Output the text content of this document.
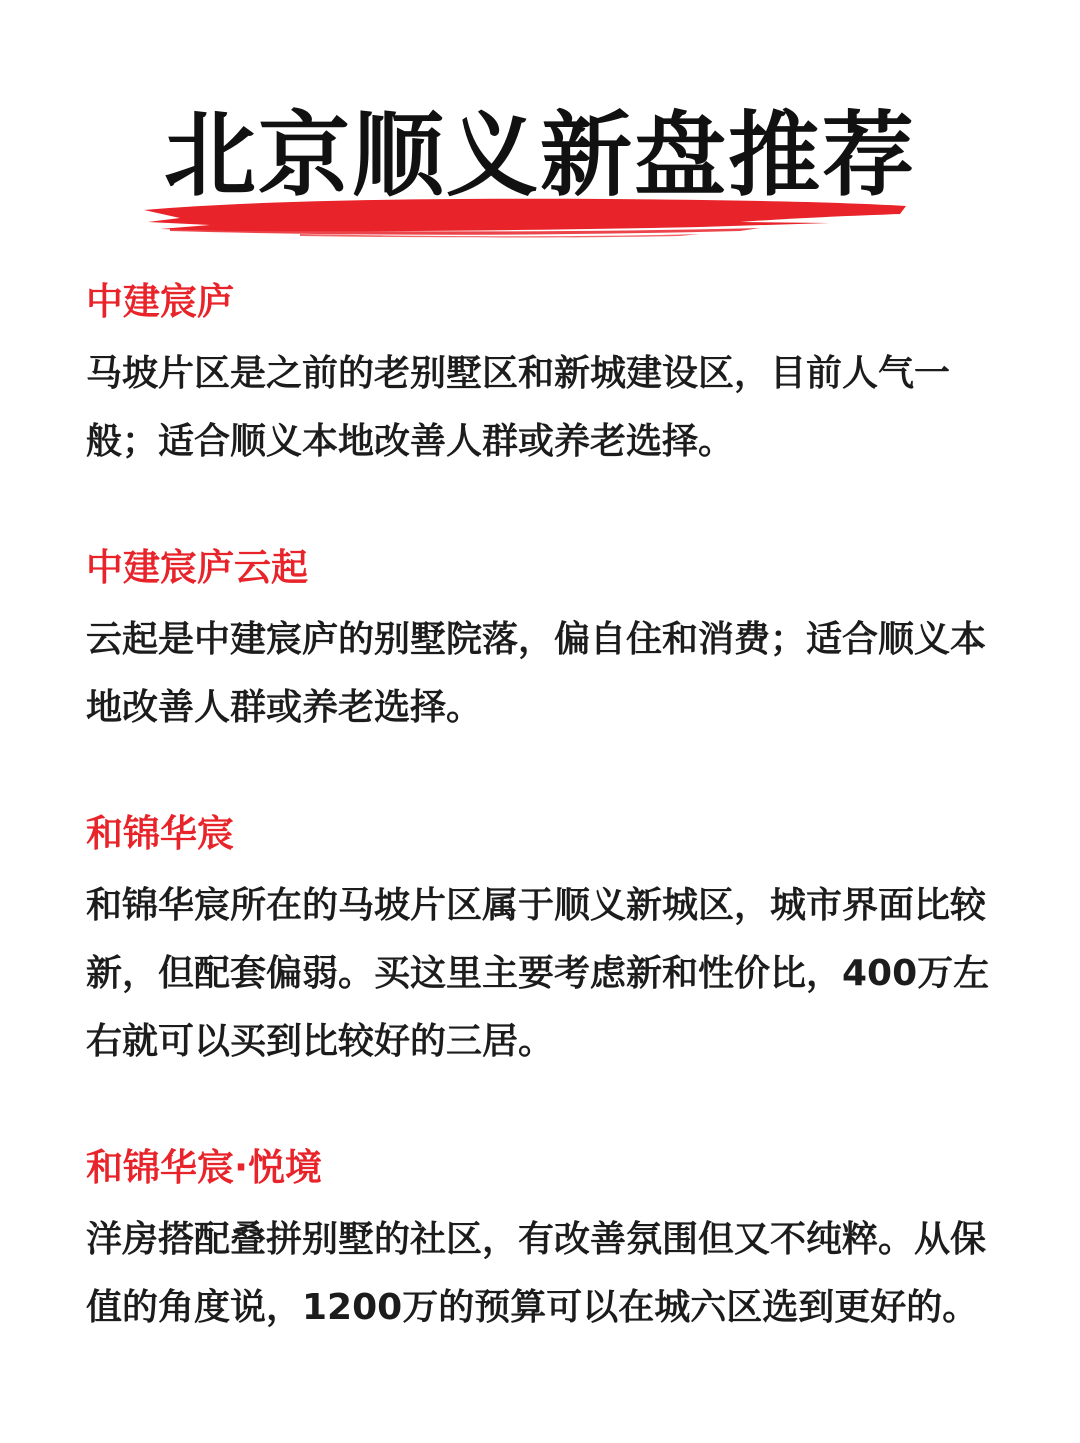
北京顺义新盘推荐
中建宸庐

马坡片区是之前的老别墅区和新城建设区，目前人气一般；适合顺义本地改善人群或养老选择。

中建宸庐云起

云起是中建宸庐的别墅院落，偏自住和消费；适合顺义本地改善人群或养老选择。

和锦华宸

和锦华宸所在的马坡片区属于顺义新城区，城市界面比较新，但配套偏弱。买这里主要考虑新和性价比，400万左右就可以买到比较好的三居。

和锦华宸·悦境

洋房搭配叠拼别墅的社区，有改善氛围但又不纯粹。从保值的角度说，1200万的预算可以在城六区选到更好的。
